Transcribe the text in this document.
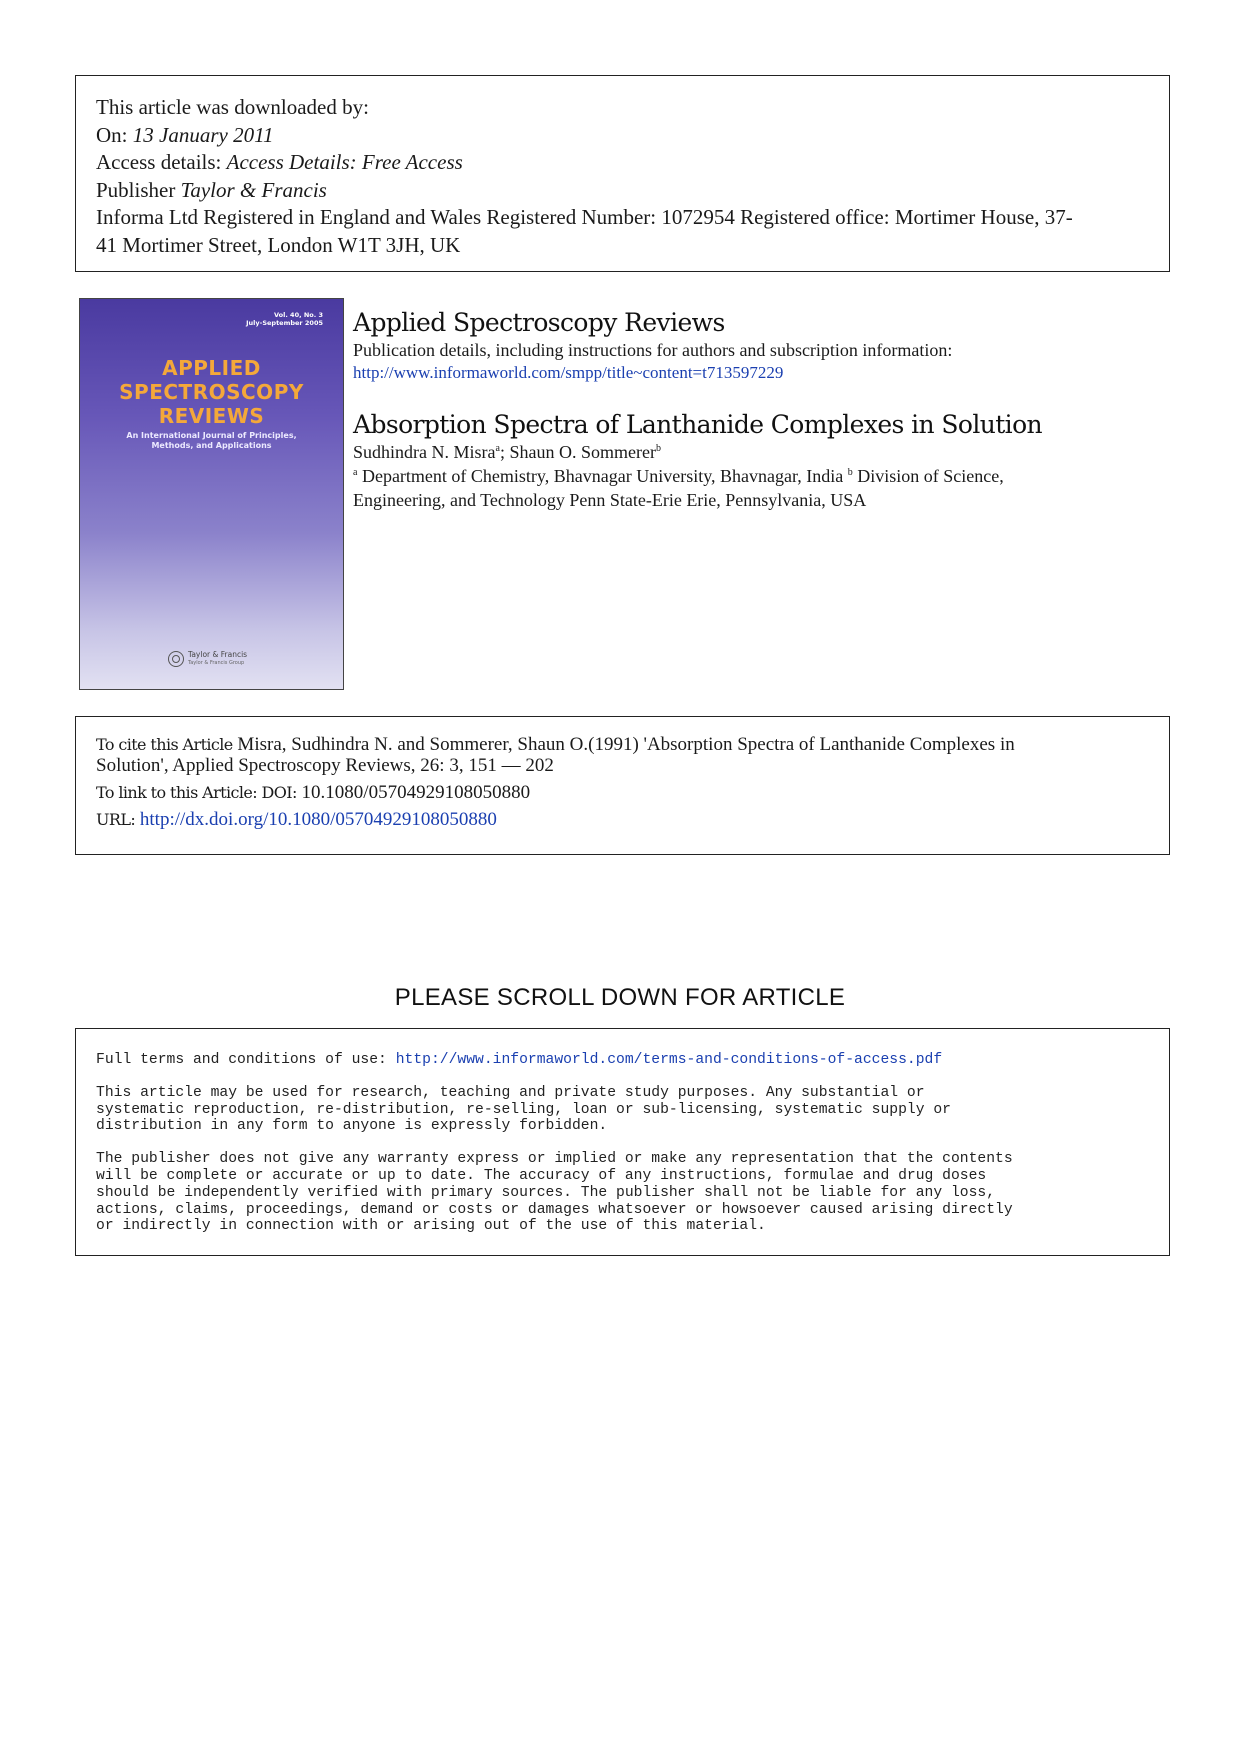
This article was downloaded by:
On: 13 January 2011
Access details: Access Details: Free Access
Publisher Taylor & Francis
Informa Ltd Registered in England and Wales Registered Number: 1072954 Registered office: Mortimer House, 37-
41 Mortimer Street, London W1T 3JH, UK
Vol. 40, No. 3
July-September 2005
APPLIED
SPECTROSCOPY
REVIEWS
An International Journal of Principles,
Methods, and Applications
Taylor & Francis
Taylor & Francis Group
Applied Spectroscopy Reviews
Publication details, including instructions for authors and subscription information:
http://www.informaworld.com/smpp/title~content=t713597229
Absorption Spectra of Lanthanide Complexes in Solution
Sudhindra N. Misra$^a$; Shaun O. Sommerer$^b$
$^a$ Department of Chemistry, Bhavnagar University, Bhavnagar, India $^b$ Division of Science,
Engineering, and Technology Penn State-Erie Erie, Pennsylvania, USA
To cite this Article Misra, Sudhindra N. and Sommerer, Shaun O.(1991) 'Absorption Spectra of Lanthanide Complexes in
Solution', Applied Spectroscopy Reviews, 26: 3, 151 — 202
To link to this Article: DOI: 10.1080/05704929108050880
URL: http://dx.doi.org/10.1080/05704929108050880
PLEASE SCROLL DOWN FOR ARTICLE

Full terms and conditions of use: http://www.informaworld.com/terms-and-conditions-of-access.pdf

This article may be used for research, teaching and private study purposes. Any substantial or
systematic reproduction, re-distribution, re-selling, loan or sub-licensing, systematic supply or
distribution in any form to anyone is expressly forbidden.

The publisher does not give any warranty express or implied or make any representation that the contents
will be complete or accurate or up to date. The accuracy of any instructions, formulae and drug doses
should be independently verified with primary sources. The publisher shall not be liable for any loss,
actions, claims, proceedings, demand or costs or damages whatsoever or howsoever caused arising directly
or indirectly in connection with or arising out of the use of this material.
